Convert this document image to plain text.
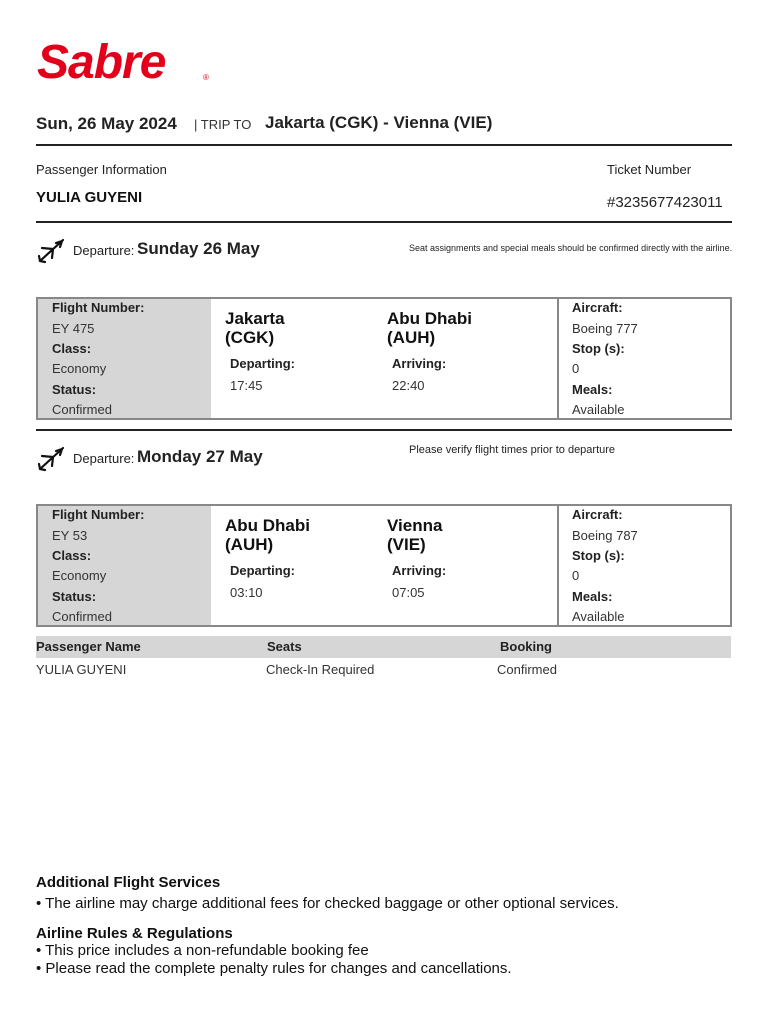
Sabre	®
Sun, 26 May 2024 | TRIP TO Jakarta (CGK) - Vienna (VIE)
Passenger Information
YULIA GUYENI
Ticket Number
#3235677423011
Departure: Sunday 26 May	Seat assignments and special meals should be confirmed directly with the airline.
Flight Number:
EY 475
Class:
Economy
Status:
Confirmed
Jakarta
(CGK)
Departing:
17:45
Abu Dhabi
(AUH)
Arriving:
22:40
Aircraft:
Boeing 777
Stop (s):
0
Meals:
Available
Departure: Monday 27 May	Please verify flight times prior to departure
Flight Number:
EY 53
Class:
Economy
Status:
Confirmed
Abu Dhabi
(AUH)
Departing:
03:10
Vienna
(VIE)
Arriving:
07:05
Aircraft:
Boeing 787
Stop (s):
0
Meals:
Available
Passenger Name	Seats	Booking
YULIA GUYENI	Check-In Required	Confirmed
Additional Flight Services
• The airline may charge additional fees for checked baggage or other optional services.
Airline Rules & Regulations
• This price includes a non-refundable booking fee
• Please read the complete penalty rules for changes and cancellations.
